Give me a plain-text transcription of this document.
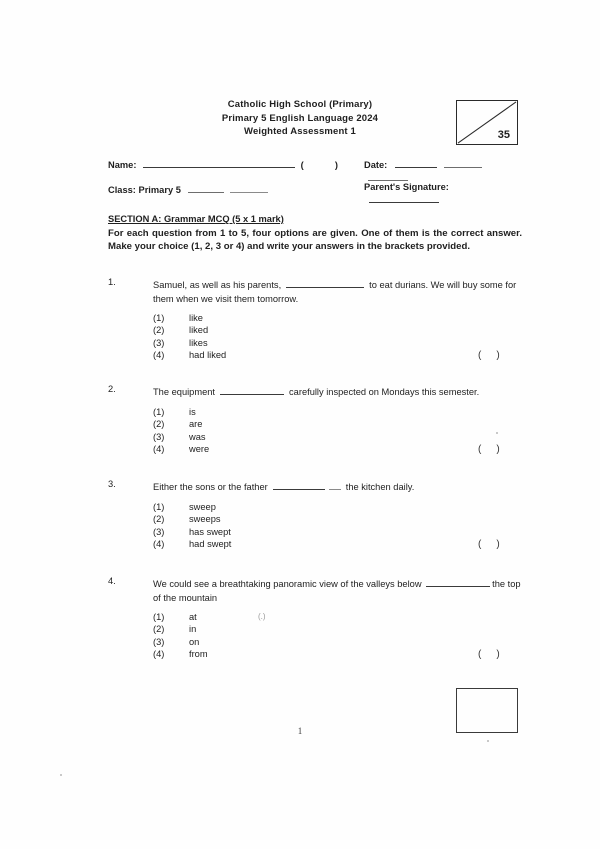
Catholic High School (Primary)
Primary 5 English Language 2024
Weighted Assessment 1	35
Name:	(	)	Date:
Class: Primary 5	Parent's Signature:
SECTION A: Grammar MCQ (5 x 1 mark)
For each question from 1 to 5, four options are given. One of them is the correct answer. Make your choice (1, 2, 3 or 4) and write your answers in the brackets provided.
1.	Samuel, as well as his parents,	to eat durians. We will buy some for them when we visit them tomorrow.
(1)	like
(2)	liked
(3)	likes
(4)	had liked	()
2.	The equipment	carefully inspected on Mondays this semester.
(1)	is
(2)	are
(3)	was
(4)	were	()
3.	Either the sons or the father	the kitchen daily.
(1)	sweep
(2)	sweeps
(3)	has swept
(4)	had swept	()
4.	We could see a breathtaking panoramic view of the valleys below	the top of the mountain
(1)	at
(2)	in
(3)	on
(4)	from
(.)
()
1
